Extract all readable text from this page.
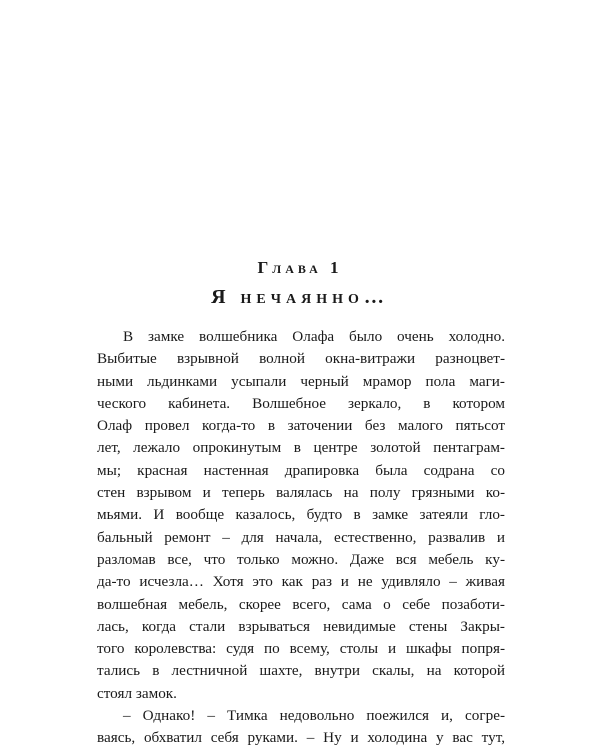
Глава 1
Я нечаянно…
В замке волшебника Олафа было очень холодно.
Выбитые взрывной волной окна-витражи разноцвет-
ными льдинками усыпали черный мрамор пола маги-
ческого кабинета. Волшебное зеркало, в котором
Олаф провел когда-то в заточении без малого пятьсот
лет, лежало опрокинутым в центре золотой пентаграм-
мы; красная настенная драпировка была содрана со
стен взрывом и теперь валялась на полу грязными ко-
мьями. И вообще казалось, будто в замке затеяли гло-
бальный ремонт – для начала, естественно, развалив и
разломав все, что только можно. Даже вся мебель ку-
да-то исчезла… Хотя это как раз и не удивляло – живая
волшебная мебель, скорее всего, сама о себе позаботи-
лась, когда стали взрываться невидимые стены Закры-
того королевства: судя по всему, столы и шкафы попря-
тались в лестничной шахте, внутри скалы, на которой
стоял замок.
– Однако! – Тимка недовольно поежился и, согре-
ваясь, обхватил себя руками. – Ну и холодина у вас тут,
